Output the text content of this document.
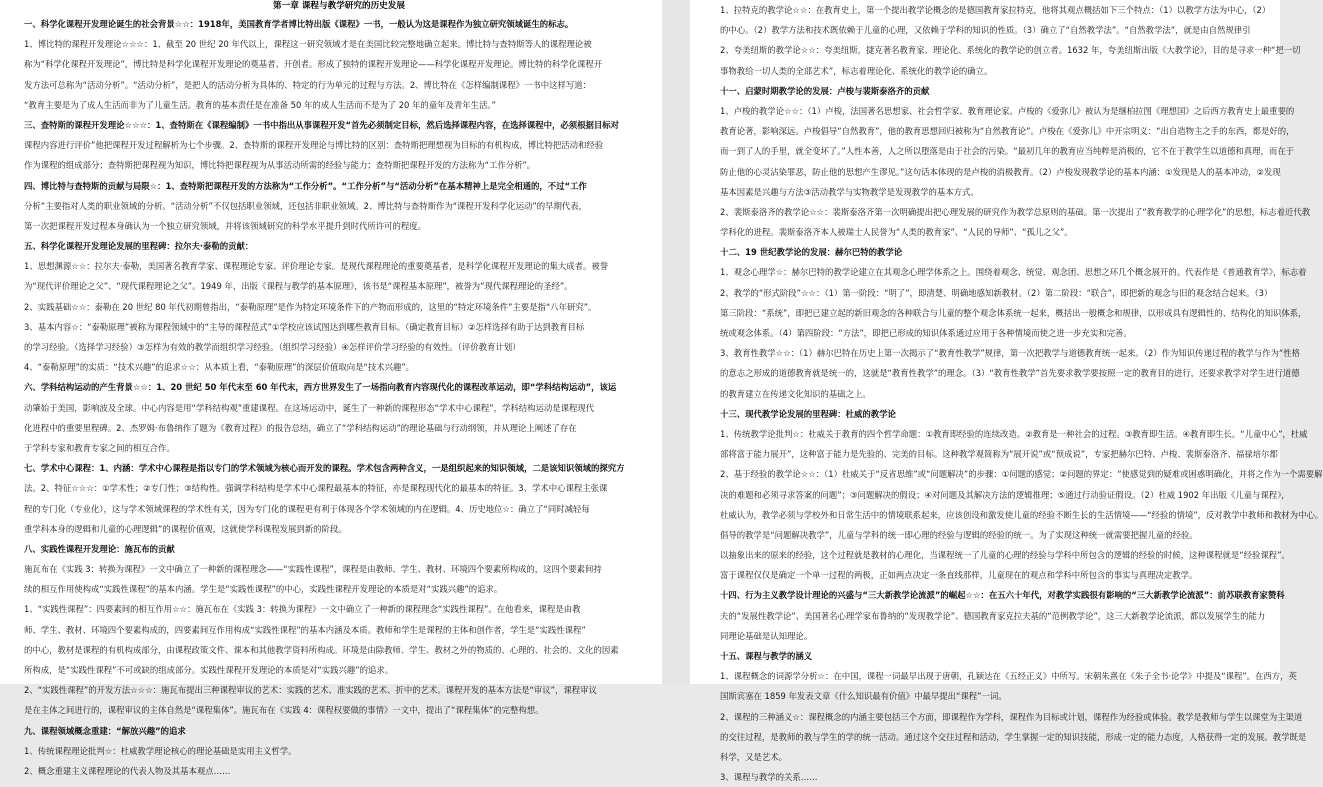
第一章 课程与教学研究的历史发展
一、科学化课程开发理论诞生的社会背景☆☆：1918年，美国教育学者博比特出版《课程》一书，一般认为这是课程作为独立研究领域诞生的标志。
1、博比特的课程开发理论☆☆☆：1、截至 20 世纪 20 年代以上，课程这一研究领域才是在美国比较完整地确立起来。博比特与查特斯等人的课程理论被
称为“科学化课程开发理论”，博比特是科学化课程开发理论的奠基者、开创者。形成了独特的课程开发理论——科学化课程开发理论。博比特的科学化课程开
发方法可总称为“活动分析”。“活动分析”，是把人的活动分析为具体的、特定的行为单元的过程与方法。2、博比特在《怎样编制课程》一书中这样写道：
“教育主要是为了成人生活而非为了儿童生活。教育的基本责任是在准备 50 年的成人生活而不是为了 20 年的童年及青年生活。”
三、查特斯的课程开发理论☆☆☆：1、查特斯在《课程编制》一书中指出从事课程开发“首先必须制定目标，然后选择课程内容，在选择课程中，必须根据目标对
课程内容进行评价”他把课程开发过程解析为七个步骤。2、查特斯的课程开发理论与博比特的区别：查特斯把理想视为目标的有机构成，博比特把活动和经验
作为课程的组成部分；查特斯把课程视为知识，博比特把课程视为从事活动所需的经验与能力；查特斯把课程开发的方法称为“工作分析”。
四、博比特与查特斯的贡献与局限☆：1、查特斯把课程开发的方法称为“工作分析”。“工作分析”与“活动分析”在基本精神上是完全相通的，不过“工作
分析”主要指对人类的职业领域的分析。“活动分析”不仅包括职业领域，还包括非职业领域。2、博比特与查特斯作为“课程开发科学化运动”的早期代表，
第一次把课程开发过程本身确认为一个独立研究领域，并将该领域研究的科学水平提升到时代所许可的程度。
五、科学化课程开发理论发展的里程碑：拉尔夫·泰勒的贡献：
1、思想渊源☆☆：拉尔夫·泰勒，美国著名教育学家、课程理论专家、评价理论专家。是现代课程理论的重要奠基者，是科学化课程开发理论的集大成者。被誉
为“现代评价理论之父”、“现代课程理论之父”。1949 年，出版《课程与教学的基本原理》，该书是“课程基本原理”，被誉为“现代课程理论的圣经”。
2、实践基础☆☆：泰勒在 20 世纪 80 年代初期曾指出，“泰勒原理”是作为特定环境条件下的产物而形成的，这里的“特定环境条件”主要是指“八年研究”。
3、基本内容☆：“泰勒原理”被称为课程领域中的“主导的课程范式”①学校应该试图达到哪些教育目标。（确定教育目标）②怎样选择有助于达到教育目标
的学习经验。（选择学习经验）③怎样为有效的教学而组织学习经验。（组织学习经验）④怎样评价学习经验的有效性。（评价教育计划）
4、“泰勒原理”的实质：“技术兴趣”的追求☆☆：从本质上看，“泰勒原理”的深层价值取向是“技术兴趣”。
六、学科结构运动的产生背景☆☆：1、20 世纪 50 年代末至 60 年代末，西方世界发生了一场指向教育内容现代化的课程改革运动，即“学科结构运动”，该运
动肇始于美国，影响波及全球。中心内容是用“学科结构观”重建课程。在这场运动中，诞生了一种新的课程形态“学术中心课程”，学科结构运动是课程现代
化进程中的重要里程碑。2、杰罗姆·布鲁纳作了题为《教育过程》的报告总结，确立了“学科结构运动”的理论基础与行动纲领，并从理论上阐述了存在
于学科专家和教育专家之间的相互合作。
七、学术中心课程：1、内涵：学术中心课程是指以专门的学术领域为核心而开发的课程。学术包含两种含义，一是组织起来的知识领域，二是该知识领域的探究方
法。2、特征☆☆☆：①学术性；②专门性；③结构性。强调学科结构是学术中心课程最基本的特征，亦是课程现代化的最基本的特征。3、学术中心课程主张课
程的专门化（专业化），这与学术领域课程的学术性有关，因为专门化的课程更有利于体现各个学术领域的内在逻辑。4、历史地位☆：确立了“同时减轻每
重学科本身的逻辑和儿童的心理逻辑”的课程价值观，这就使学科课程发展到新的阶段。
八、实践性课程开发理论：施瓦布的贡献
施瓦布在《实践 3：转换为课程》一文中确立了一种新的课程理念——“实践性课程”，课程是由教师、学生、教材、环境四个要素所构成的，这四个要素间持
续的相互作用使构成“实践性课程”的基本内涵。学生是“实践性课程”的中心，实践性课程开发理论的本质是对“实践兴趣”的追求。
1、“实践性课程”：四要素间的相互作用☆☆：施瓦布在《实践 3：转换为课程》一文中确立了一种新的课程理念“实践性课程”。在他看来，课程是由教
师、学生、教材、环境四个要素构成的，四要素间互作用构成“实践性课程”的基本内涵及本质。教师和学生是课程的主体和创作者，学生是“实践性课程”
的中心，教材是课程的有机构成部分，由课程政策文件、课本和其他教学资料所构成。环境是由除教师、学生、教材之外的物质的、心理的、社会的、文化的因素
所构成，是“实践性课程”不可或缺的组成部分。实践性课程开发理论的本质是对“实践兴趣”的追求。
2、“实践性课程”的开发方法☆☆☆：施瓦布提出三种课程审议的艺术：实践的艺术、准实践的艺术、折中的艺术。课程开发的基本方法是“审议”，课程审议
是在主体之间进行的，课程审议的主体自然是“课程集体”。施瓦布在《实践 4：课程权要做的事情》一文中，提出了“课程集体”的完整构想。
九、课程领域概念重建：“解放兴趣”的追求
1、传统课程理论批判☆：杜威教学理论核心的理论基础是实用主义哲学。
2、概念重建主义课程理论的代表人物及其基本观点……
1、拉特克的教学论☆☆：在教育史上，第一个提出教学论概念的是德国教育家拉特克，他将其观点概括如下三个特点：（1）以教学方法为中心，（2）
的中心。（2）教学方法和技术既依赖于儿童的心理，又依赖于学科的知识的性质。（3）确立了“自然教学法”。“自然教学法”，就是由自然规律引
2、夸美纽斯的教学论☆☆：夸美纽斯，捷克著名教育家、理论化、系统化的教学论的创立者。1632 年，夸美纽斯出版《大教学论》，目的是寻求一种“把一切
事物教给一切人类的全部艺术”，标志着理论化、系统化的教学论的确立。
十一、启蒙时期教学论的发展：卢梭与裴斯泰洛齐的贡献
1、卢梭的教学论☆☆：（1）卢梭，法国著名思想家、社会哲学家、教育理论家。卢梭的《爱弥儿》被认为是继柏拉图《理想国》之后西方教育史上最重要的
教育论著，影响深远。卢梭倡导“自然教育”，他的教育思想回归被称为“自然教育论”。卢梭在《爱弥儿》中开宗明义：“出自造物主之手的东西，都是好的，
而一到了人的手里，就全变坏了。”人性本善，人之所以堕落是由于社会的污染。“最初几年的教育应当纯粹是消极的，它不在于教学生以道德和真理，而在于
防止他的心灵沾染罪恶，防止他的思想产生谬见。”这句话本体现的是卢梭的消极教育。（2）卢梭发现教学论的基本内涵：①发现是人的基本冲动，②发现
基本因素是兴趣与方法③活动教学与实物教学是发现教学的基本方式。
2、裴斯泰洛齐的教学论☆☆：裴斯泰洛齐第一次明确提出把心理发展的研究作为教学总原则的基础。第一次提出了“教育教学的心理学化”的思想，标志着近代教
学科化的进程。裴斯泰洛齐本人被瑞士人民誉为“人类的教育家”、“人民的导师”、“孤儿之父”。
十二、19 世纪教学论的发展：赫尔巴特的教学论
1、观念心理学☆：赫尔巴特的教学论建立在其观念心理学体系之上。围绕着观念、统觉、观念团、思想之环几个概念展开的。代表作是《普通教育学》，标志着
2、教学的“形式阶段”☆☆：（1）第一阶段：“明了”，即清楚、明确地感知新教材。（2）第二阶段：“联合”，即把新的观念与旧的观念结合起来。（3）
第三阶段：“系统”，即把已建立起的新旧观念的各种联合与儿童的整个观念体系统一起来，概括出一般概念和规律，以形成具有逻辑性的、结构化的知识体系，
统或观念体系。（4）第四阶段：“方法”，即把已形成的知识体系通过应用于各种情境而使之进一步充实和完善。
3、教育性教学☆☆：（1）赫尔巴特在历史上第一次揭示了“教育性教学”规律，第一次把教学与道德教育统一起来。（2）作为知识传递过程的教学与作为“性格
的意志之形成的道德教育就是统一的，这就是“教育性教学”的理念。（3）“教育性教学”首先要求教学要按照一定的教育目的进行，还要求教学对学生进行道德
的教育建立在传递文化知识的基础之上。
十三、现代教学论发展的里程碑：杜威的教学论
1、传统教学论批判☆：杜威关于教育的四个哲学命题：①教育即经验的连续改造。②教育是一种社会的过程。③教育即生活。④教育即生长。“儿童中心”，杜威
部将富于能力展开”，这种富于能力是先验的、完美的目标。这种教学观简称为“展开说”或“预成说”，专家把赫尔巴特、卢梭、裴斯泰洛齐、福禄培尔都
2、基于经验的教学论☆☆：（1）杜威关于“反省思维”或“问题解决”的步骤：①问题的感觉；②问题的界定：“使感觉到的疑难或困惑明确化，并将之作为一个需要解
决的难题和必须寻求答案的问题”；③问题解决的假设；④对问题及其解决方法的逻辑推理；⑤通过行动验证假设。（2）杜威 1902 年出版《儿童与课程》，
杜威认为，教学必须与学校外和日常生活中的情境联系起来，应该创设和激发使儿童的经验不断生长的生活情境——“经验的情境”，反对教学中教师和教材为中心。
倡导的教学是“问题解决教学”，儿童与学科的统一即心理的经验与逻辑的经验的统一。为了实现这种统一就需要把握儿童的经验。
以抽象出来的原来的经验，这个过程就是教材的心理化，当课程统一了儿童的心理的经验与学科中所包含的逻辑的经验的时候，这种课程就是“经验课程”。
富于课程仅仅是确定一个单一过程的两极，正如两点决定一条直线那样，儿童现在的观点和学科中所包含的事实与真理决定教学。
十四、行为主义教学设计理论的兴盛与“三大新教学论流派”的崛起☆☆：在五六十年代，对教学实践很有影响的“三大新教学论流派”：前苏联教育家赞科
夫的“发展性教学论”、美国著名心理学家布鲁纳的“发现教学论”、德国教育家克拉夫基的“范例教学论”，这三大新教学论流派，都以发展学生的能力
同理论基础是认知理论。
十五、课程与教学的涵义
1、课程概念的词源学分析☆：在中国，课程一词最早出现于唐朝，孔颖达在《五经正义》中所写。宋朝朱熹在《朱子全书·论学》中提及“课程”。在西方，英
国斯宾塞在 1859 年发表文章《什么知识最有价值》中最早提出“课程”一词。
2、课程的三种涵义☆：课程概念的内涵主要包括三个方面，即课程作为学科，课程作为目标或计划，课程作为经验或体验。教学是教师与学生以课堂为主渠道
的交往过程，是教师的教与学生的学的统一活动。通过这个交往过程和活动，学生掌握一定的知识技能，形成一定的能力态度，人格获得一定的发展。教学既是
科学，又是艺术。
3、课程与教学的关系……
